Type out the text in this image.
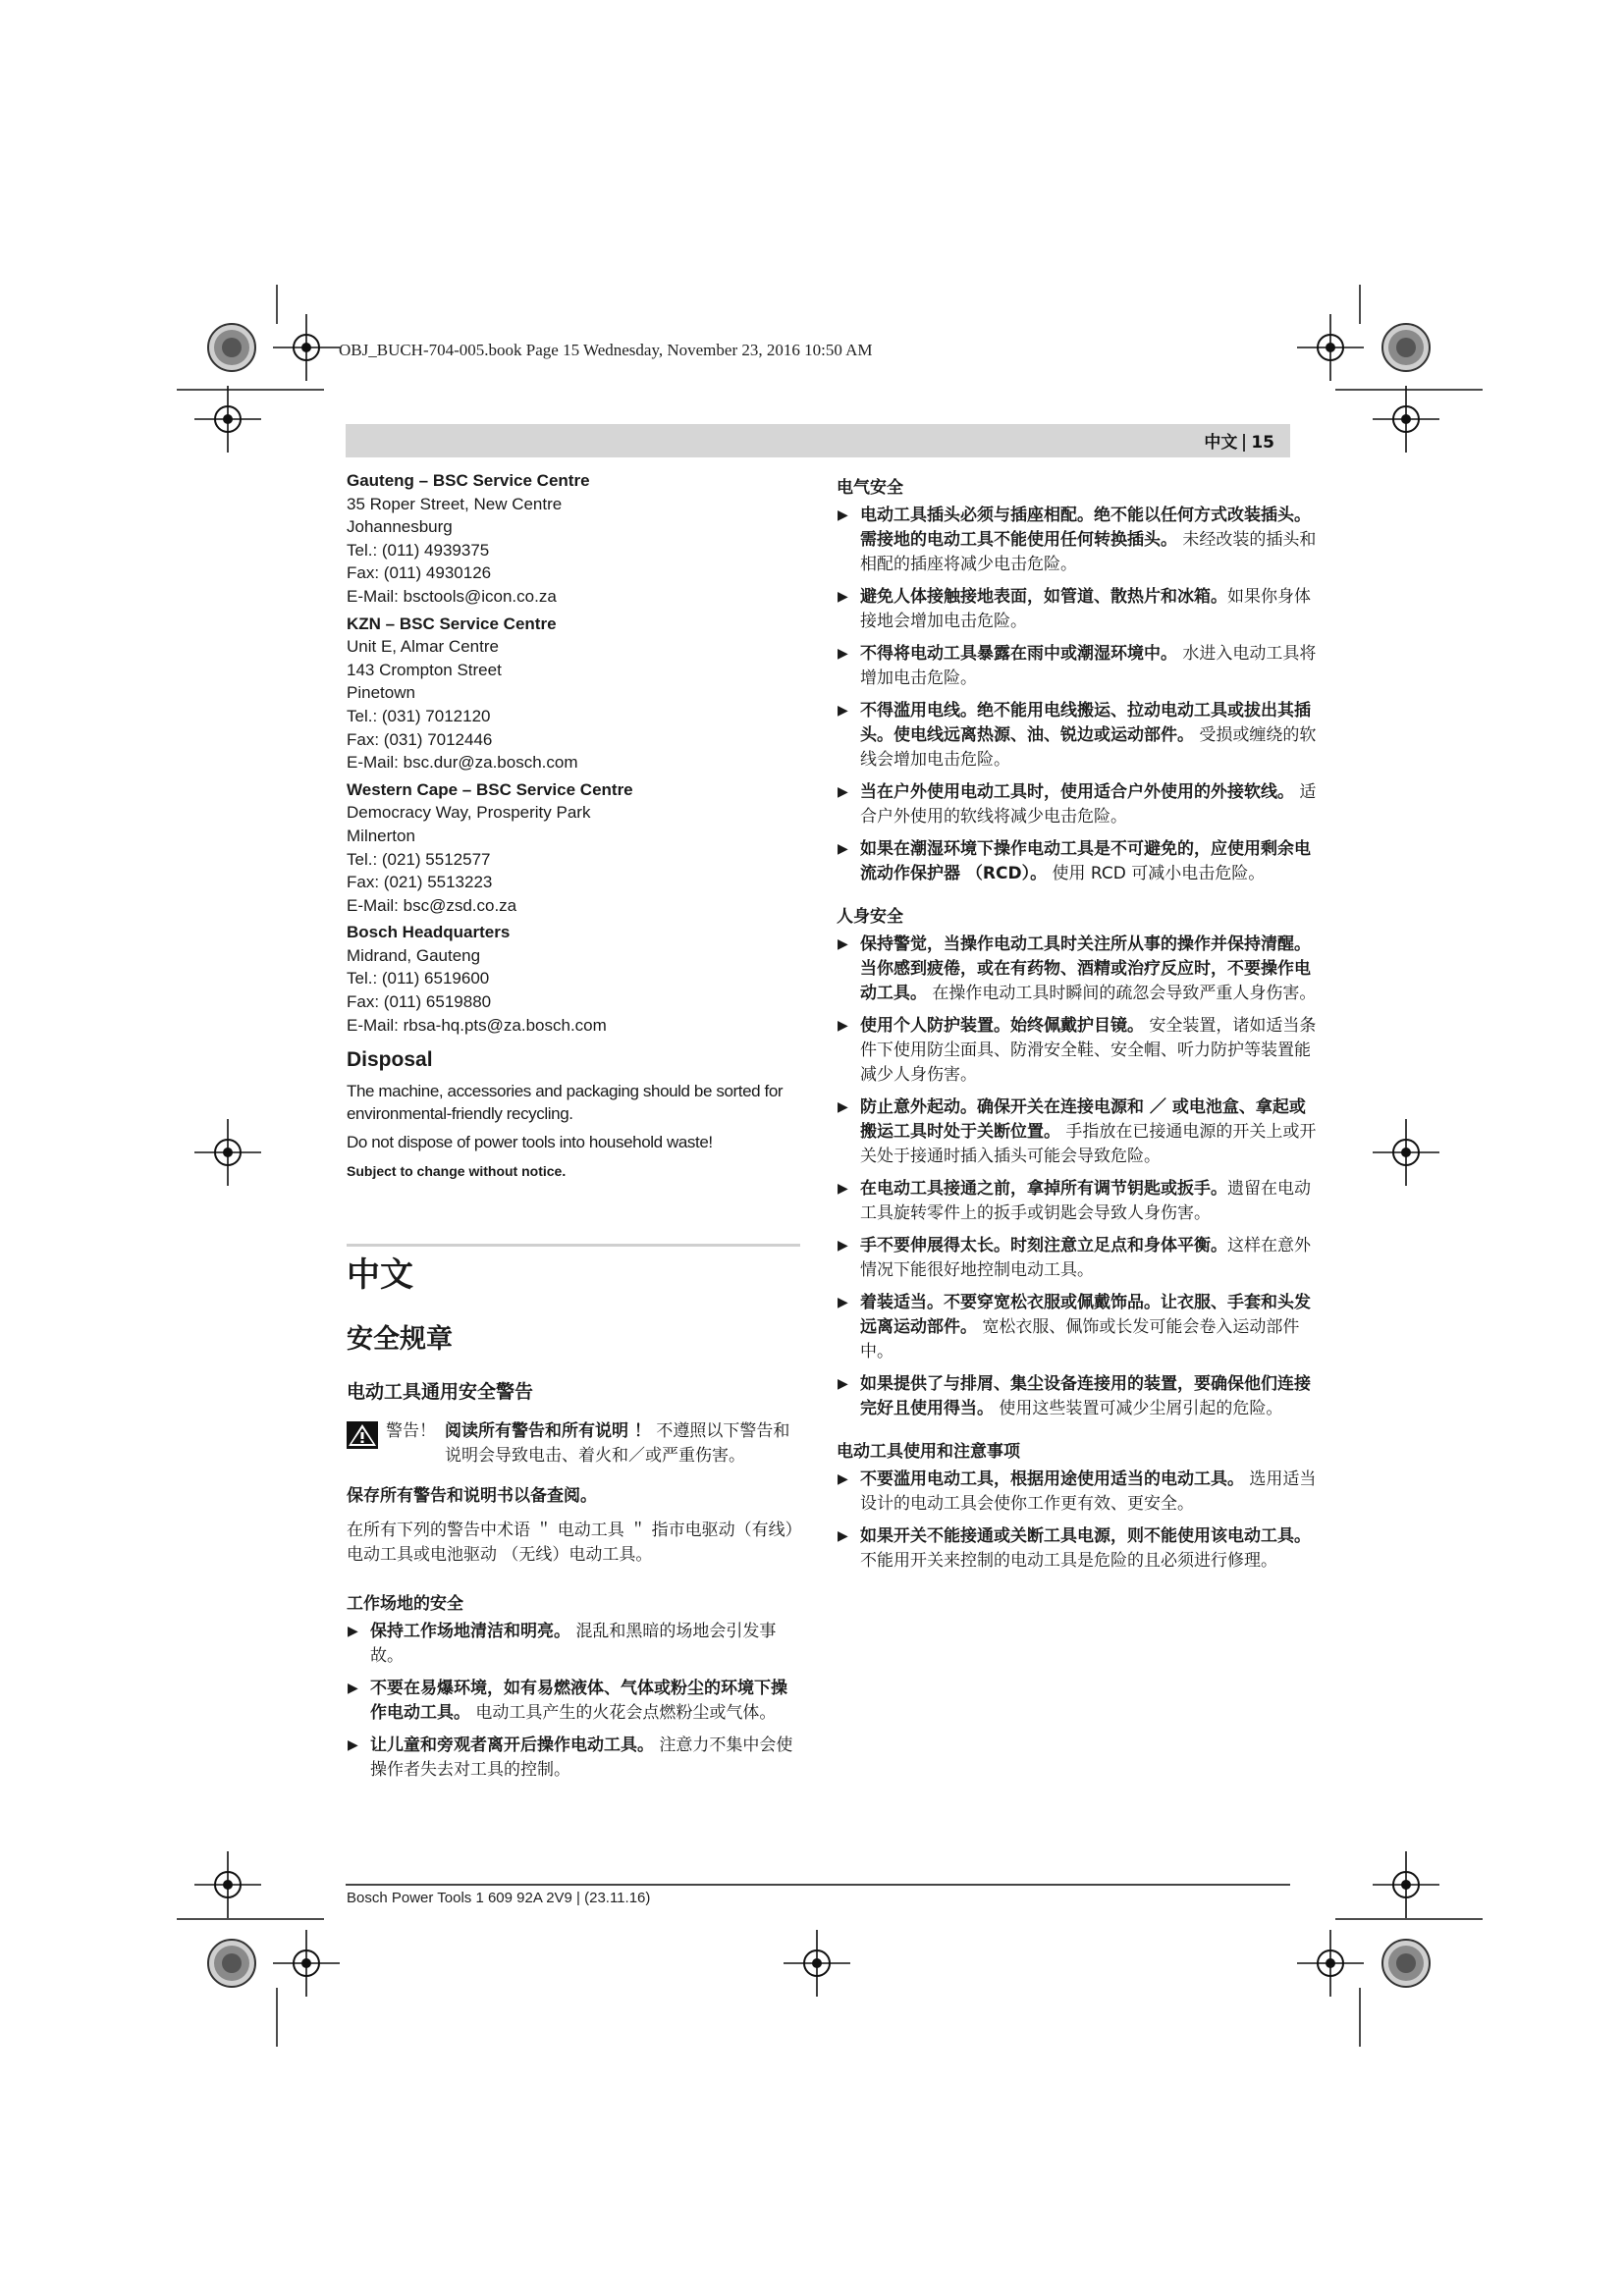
OBJ_BUCH-704-005.book Page 15 Wednesday, November 23, 2016 10:50 AM
中文 15
Gauteng – BSC Service Centre
35 Roper Street, New Centre
Johannesburg
Tel.: (011) 4939375
Fax: (011) 4930126
E-Mail: bsctools@icon.co.za
KZN – BSC Service Centre
Unit E, Almar Centre
143 Crompton Street
Pinetown
Tel.: (031) 7012120
Fax: (031) 7012446
E-Mail: bsc.dur@za.bosch.com
Western Cape – BSC Service Centre
Democracy Way, Prosperity Park
Milnerton
Tel.: (021) 5512577
Fax: (021) 5513223
E-Mail: bsc@zsd.co.za
Bosch Headquarters
Midrand, Gauteng
Tel.: (011) 6519600
Fax: (011) 6519880
E-Mail: rbsa-hq.pts@za.bosch.com
Disposal
The machine, accessories and packaging should be sorted for environmental-friendly recycling.
Do not dispose of power tools into household waste!
Subject to change without notice.
中文
安全规章
电动工具通用安全警告
警告！ 阅读所有警告和所有说明 ！ 不遵照以下警告和说明会导致电击、着火和／或严重伤害。
保存所有警告和说明书以备查阅。
在所有下列的警告中术语 ＂ 电动工具 ＂ 指市电驱动（有线）电动工具或电池驱动 （无线）电动工具。
工作场地的安全
▶ 保持工作场地清洁和明亮。 混乱和黑暗的场地会引发事故。
▶ 不要在易爆环境，如有易燃液体、气体或粉尘的环境下操作电动工具。 电动工具产生的火花会点燃粉尘或气体。
▶ 让儿童和旁观者离开后操作电动工具。 注意力不集中会使操作者失去对工具的控制。
电气安全
▶ 电动工具插头必须与插座相配。绝不能以任何方式改装插头。需接地的电动工具不能使用任何转换插头。 未经改装的插头和相配的插座将减少电击危险。
▶ 避免人体接触接地表面，如管道、散热片和冰箱。如果你身体接地会增加电击危险。
▶ 不得将电动工具暴露在雨中或潮湿环境中。 水进入电动工具将增加电击危险。
▶ 不得滥用电线。绝不能用电线搬运、拉动电动工具或拔出其插头。使电线远离热源、油、锐边或运动部件。 受损或缠绕的软线会增加电击危险。
▶ 当在户外使用电动工具时，使用适合户外使用的外接软线。 适合户外使用的软线将减少电击危险。
▶ 如果在潮湿环境下操作电动工具是不可避免的，应使用剩余电流动作保护器 （RCD）。 使用 RCD 可减小电击危险。
人身安全
▶ 保持警觉，当操作电动工具时关注所从事的操作并保持清醒。当你感到疲倦，或在有药物、酒精或治疗反应时，不要操作电动工具。 在操作电动工具时瞬间的疏忽会导致严重人身伤害。
▶ 使用个人防护装置。始终佩戴护目镜。 安全装置，诸如适当条件下使用防尘面具、防滑安全鞋、安全帽、听力防护等装置能减少人身伤害。
▶ 防止意外起动。确保开关在连接电源和 ／ 或电池盒、拿起或搬运工具时处于关断位置。 手指放在已接通电源的开关上或开关处于接通时插入插头可能会导致危险。
▶ 在电动工具接通之前，拿掉所有调节钥匙或扳手。遗留在电动工具旋转零件上的扳手或钥匙会导致人身伤害。
▶ 手不要伸展得太长。时刻注意立足点和身体平衡。这样在意外情况下能很好地控制电动工具。
▶ 着装适当。不要穿宽松衣服或佩戴饰品。让衣服、手套和头发远离运动部件。 宽松衣服、佩饰或长发可能会卷入运动部件中。
▶ 如果提供了与排屑、集尘设备连接用的装置，要确保他们连接完好且使用得当。 使用这些装置可减少尘屑引起的危险。
电动工具使用和注意事项
▶ 不要滥用电动工具，根据用途使用适当的电动工具。 选用适当设计的电动工具会使你工作更有效、更安全。
▶ 如果开关不能接通或关断工具电源，则不能使用该电动工具。 不能用开关来控制的电动工具是危险的且必须进行修理。
Bosch Power Tools 1 609 92A 2V9 | (23.11.16)
